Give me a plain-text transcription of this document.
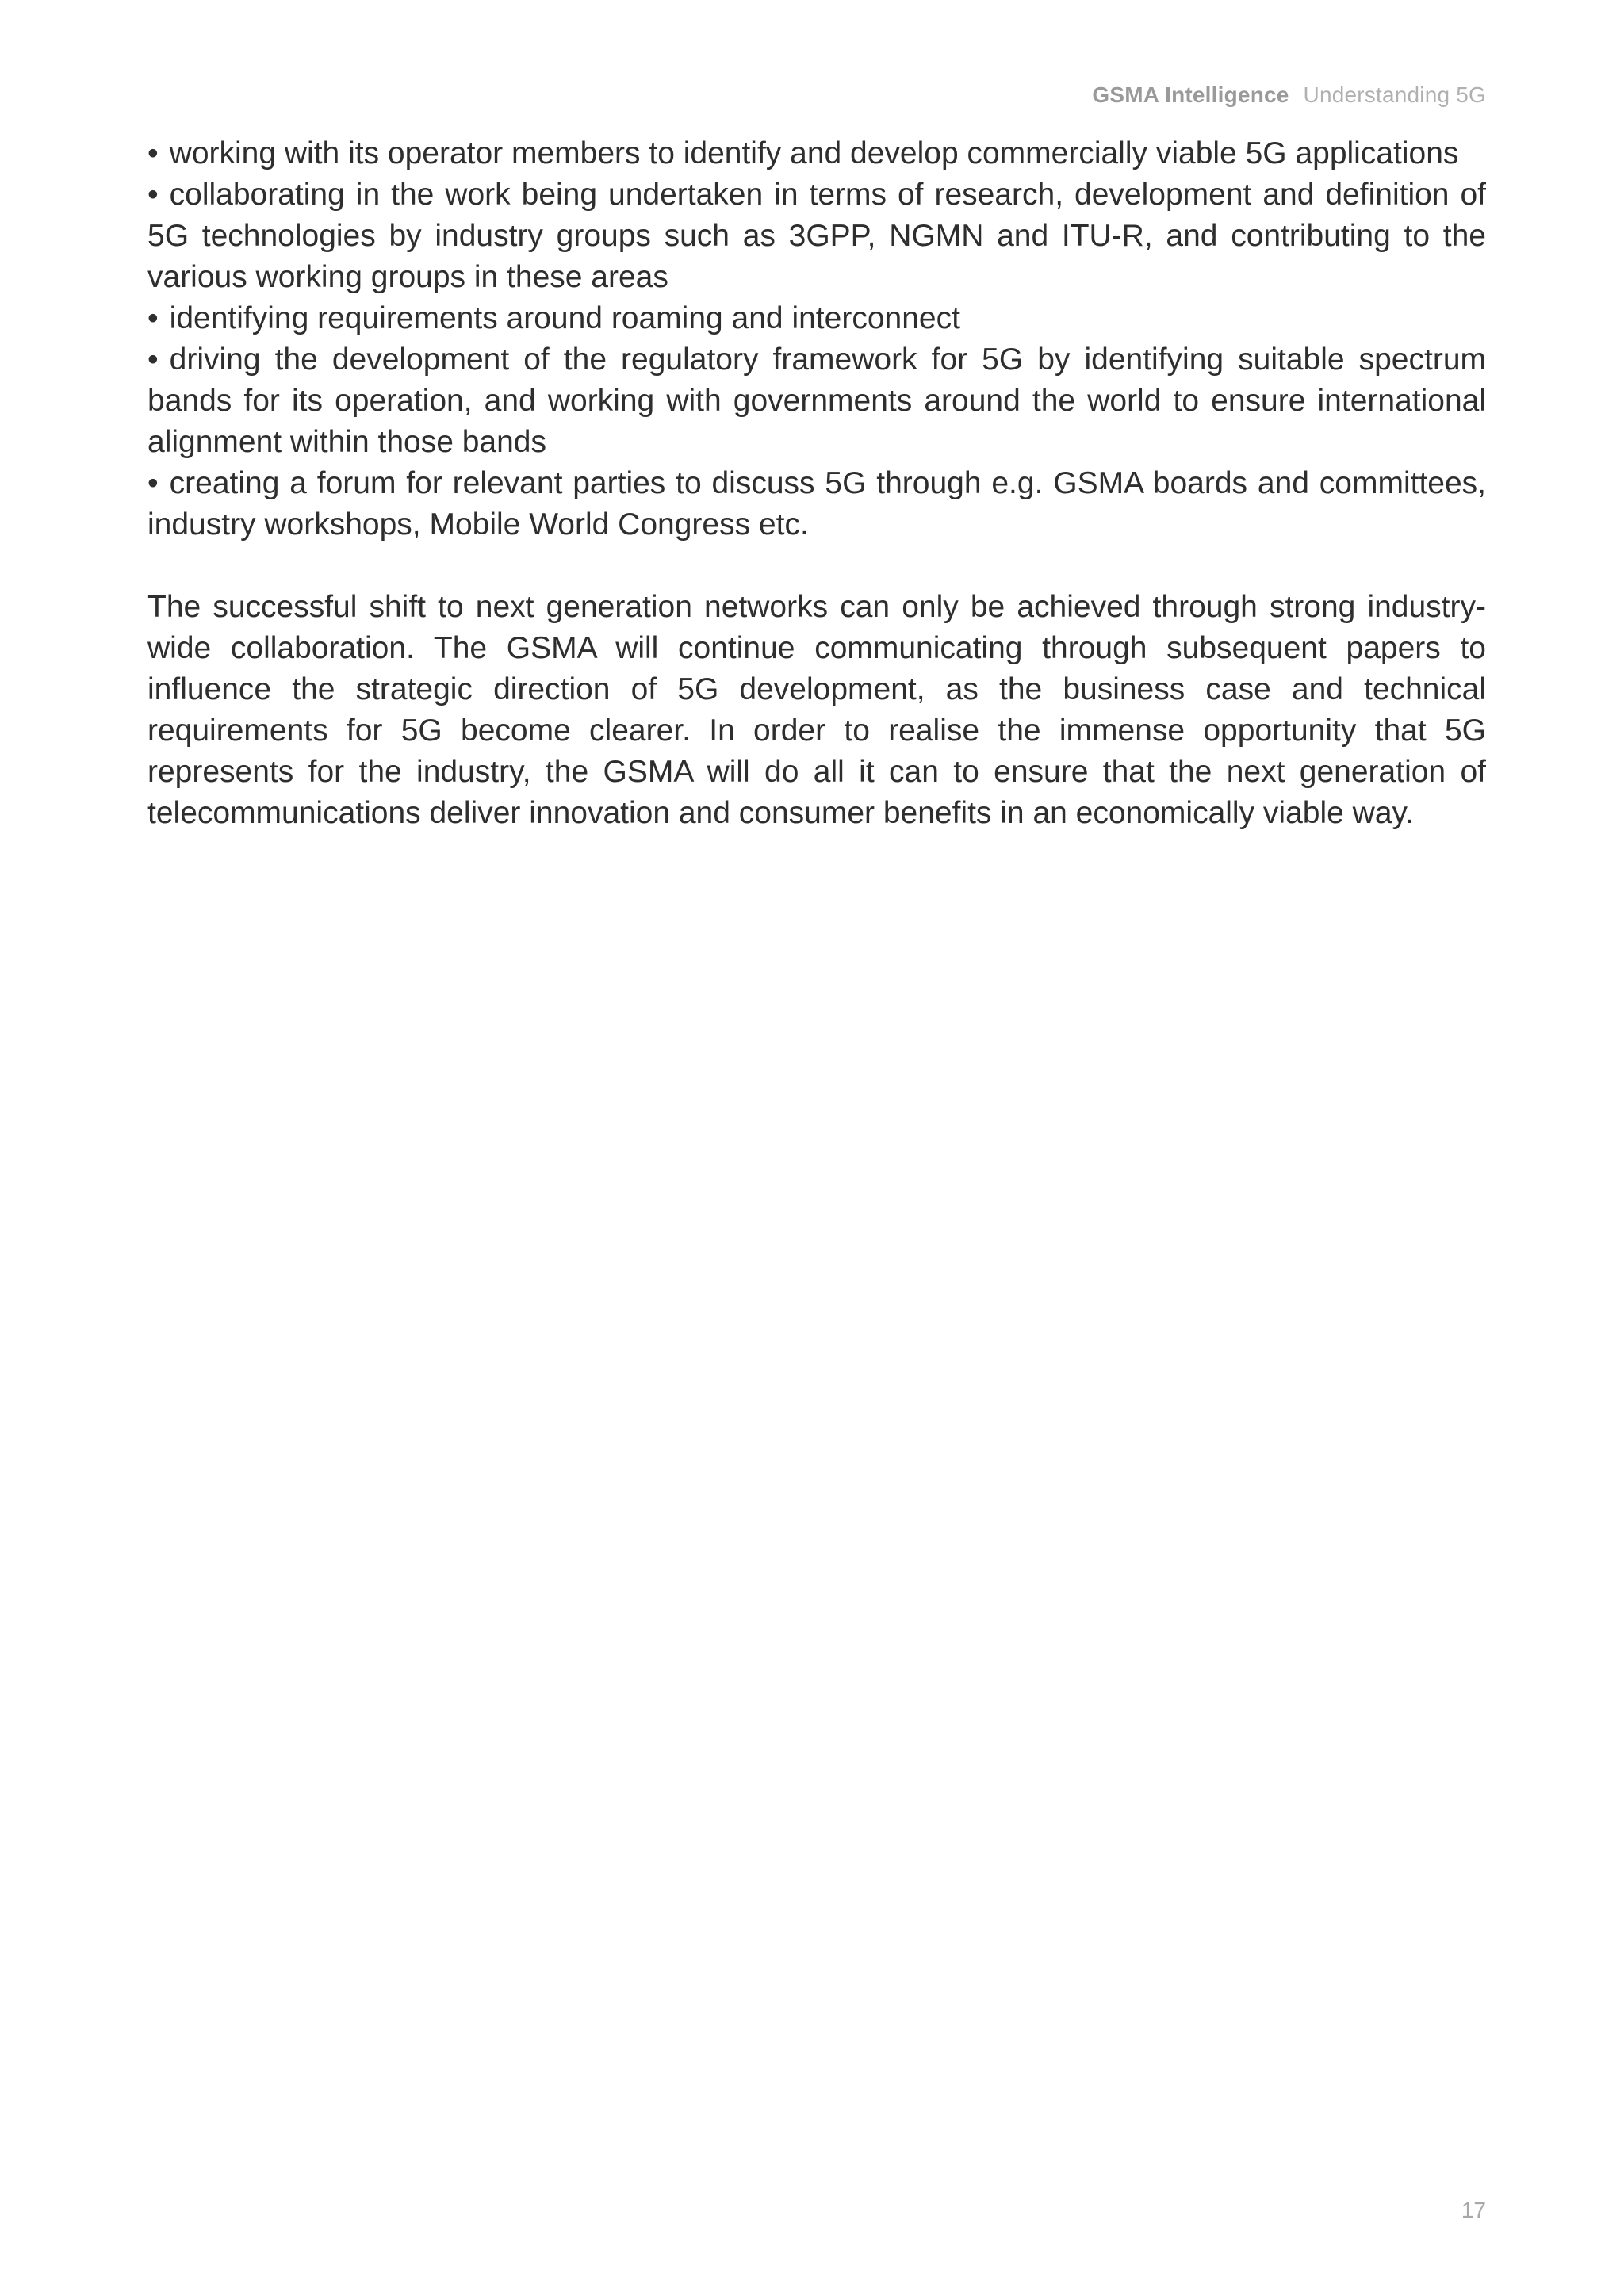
GSMA Intelligence Understanding 5G
• working with its operator members to identify and develop commercially viable 5G applications
• collaborating in the work being undertaken in terms of research, development and definition of 5G technologies by industry groups such as 3GPP, NGMN and ITU-R, and contributing to the various working groups in these areas
• identifying requirements around roaming and interconnect
• driving the development of the regulatory framework for 5G by identifying suitable spectrum bands for its operation, and working with governments around the world to ensure international alignment within those bands
• creating a forum for relevant parties to discuss 5G through e.g. GSMA boards and committees, industry workshops, Mobile World Congress etc.

The successful shift to next generation networks can only be achieved through strong industry-wide collaboration. The GSMA will continue communicating through subsequent papers to influence the strategic direction of 5G development, as the business case and technical requirements for 5G become clearer. In order to realise the immense opportunity that 5G represents for the industry, the GSMA will do all it can to ensure that the next generation of telecommunications deliver innovation and consumer benefits in an economically viable way.

17
